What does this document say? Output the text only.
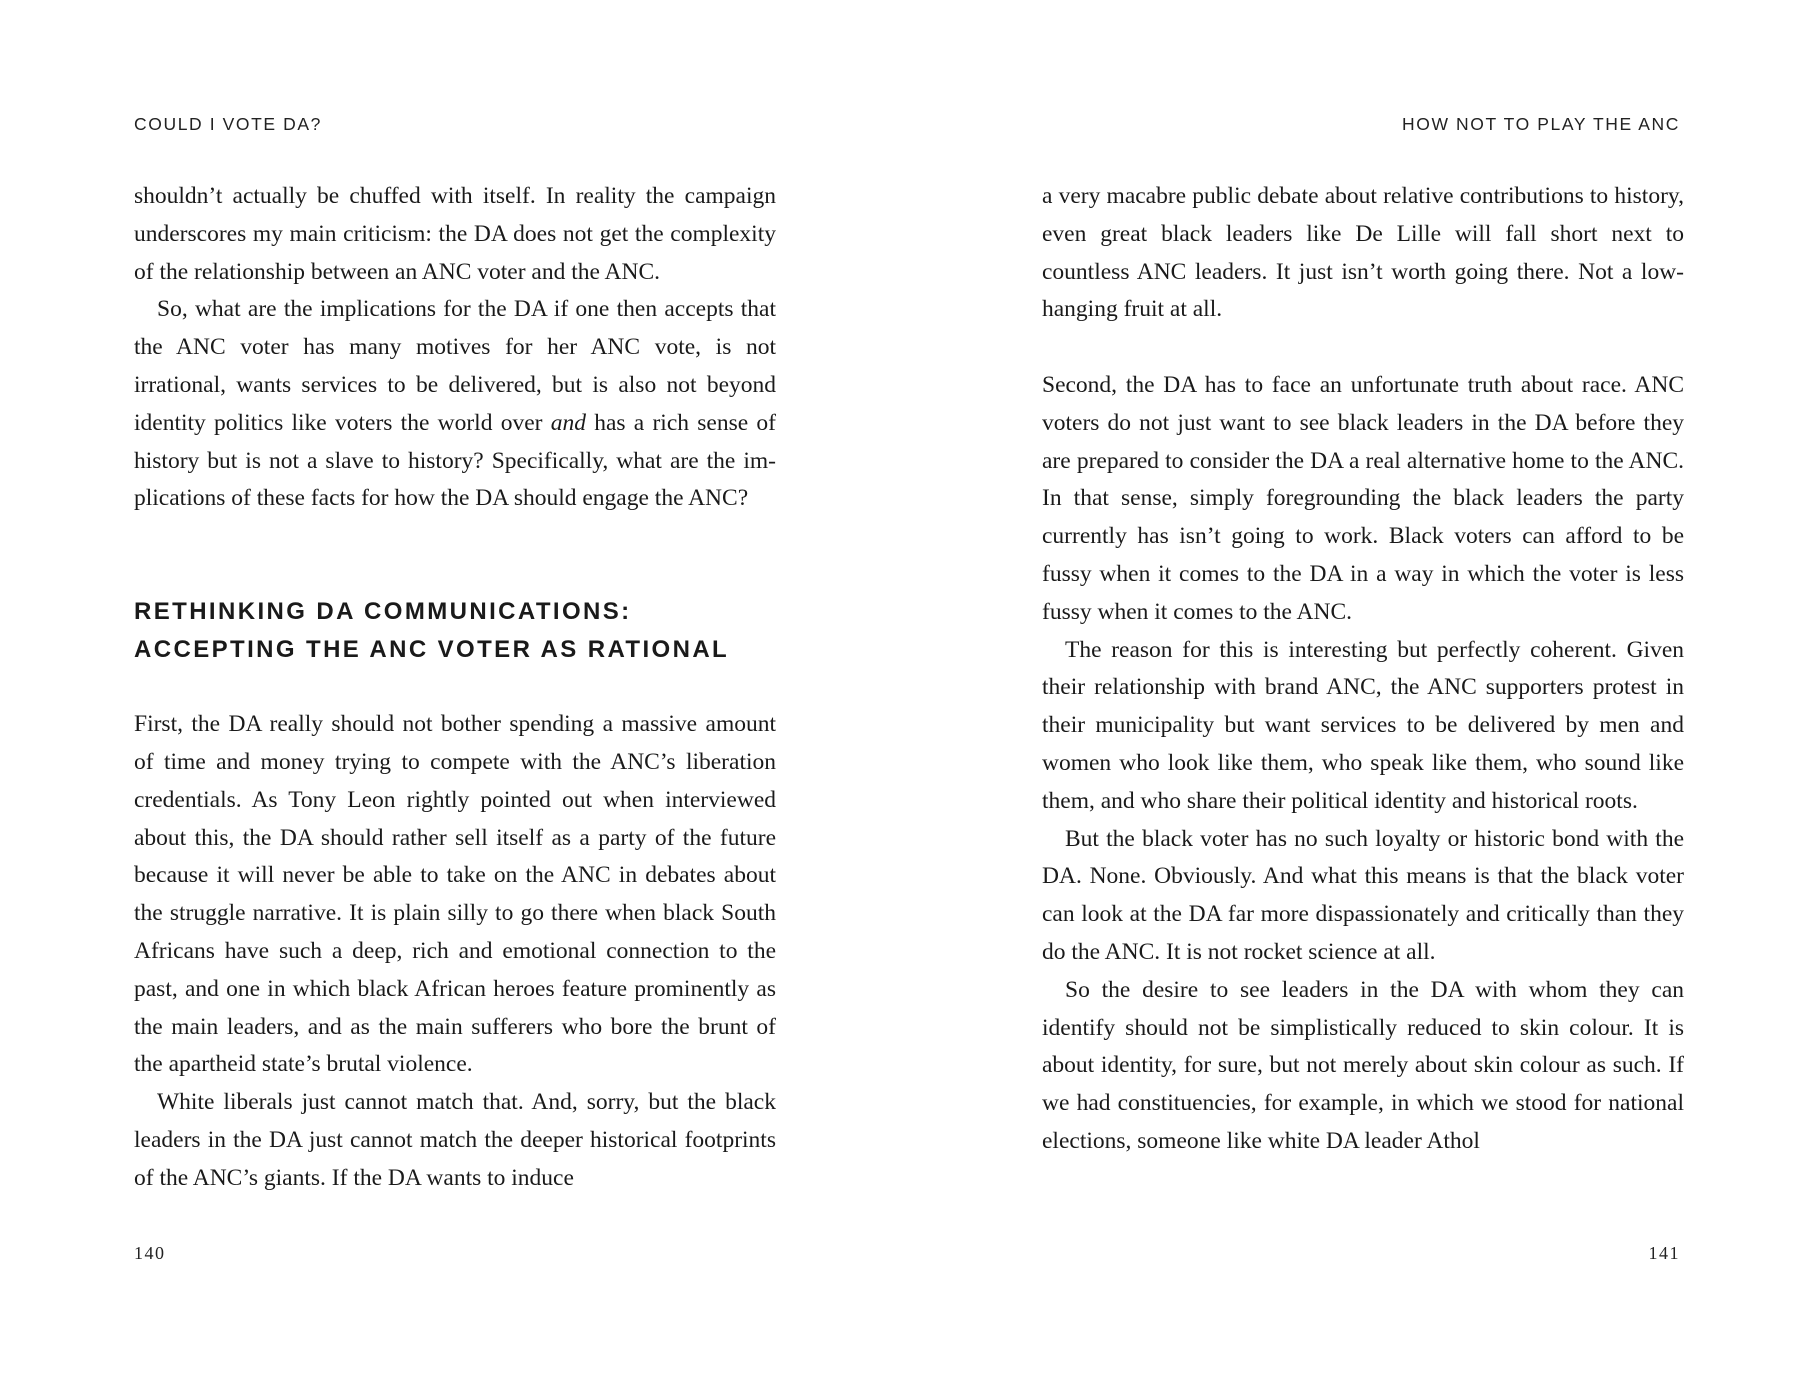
COULD I VOTE DA?

shouldn’t actually be chuffed with itself. In reality the campaign underscores my main criticism: the DA does not get the complexity of the relationship between an ANC voter and the ANC.

So, what are the implications for the DA if one then accepts that the ANC voter has many motives for her ANC vote, is not irrational, wants services to be delivered, but is also not beyond identity politics like voters the world over and has a rich sense of history but is not a slave to history? Specifically, what are the implications of these facts for how the DA should engage the ANC?

RETHINKING DA COMMUNICATIONS:
ACCEPTING THE ANC VOTER AS RATIONAL

First, the DA really should not bother spending a massive amount of time and money trying to compete with the ANC’s liberation credentials. As Tony Leon rightly pointed out when interviewed about this, the DA should rather sell itself as a party of the future because it will never be able to take on the ANC in debates about the struggle narrative. It is plain silly to go there when black South Africans have such a deep, rich and emotional connection to the past, and one in which black African heroes feature prominently as the main leaders, and as the main sufferers who bore the brunt of the apartheid state’s brutal violence.

White liberals just cannot match that. And, sorry, but the black leaders in the DA just cannot match the deeper historical footprints of the ANC’s giants. If the DA wants to induce

140
HOW NOT TO PLAY THE ANC

a very macabre public debate about relative contributions to history, even great black leaders like De Lille will fall short next to countless ANC leaders. It just isn’t worth going there. Not a low-hanging fruit at all.

Second, the DA has to face an unfortunate truth about race. ANC voters do not just want to see black leaders in the DA before they are prepared to consider the DA a real alternative home to the ANC. In that sense, simply foregrounding the black leaders the party currently has isn’t going to work. Black voters can afford to be fussy when it comes to the DA in a way in which the voter is less fussy when it comes to the ANC.

The reason for this is interesting but perfectly coherent. Given their relationship with brand ANC, the ANC supporters protest in their municipality but want services to be delivered by men and women who look like them, who speak like them, who sound like them, and who share their political identity and historical roots.

But the black voter has no such loyalty or historic bond with the DA. None. Obviously. And what this means is that the black voter can look at the DA far more dispassionately and critically than they do the ANC. It is not rocket science at all.

So the desire to see leaders in the DA with whom they can identify should not be simplistically reduced to skin colour. It is about identity, for sure, but not merely about skin colour as such. If we had constituencies, for example, in which we stood for national elections, someone like white DA leader Athol

141
